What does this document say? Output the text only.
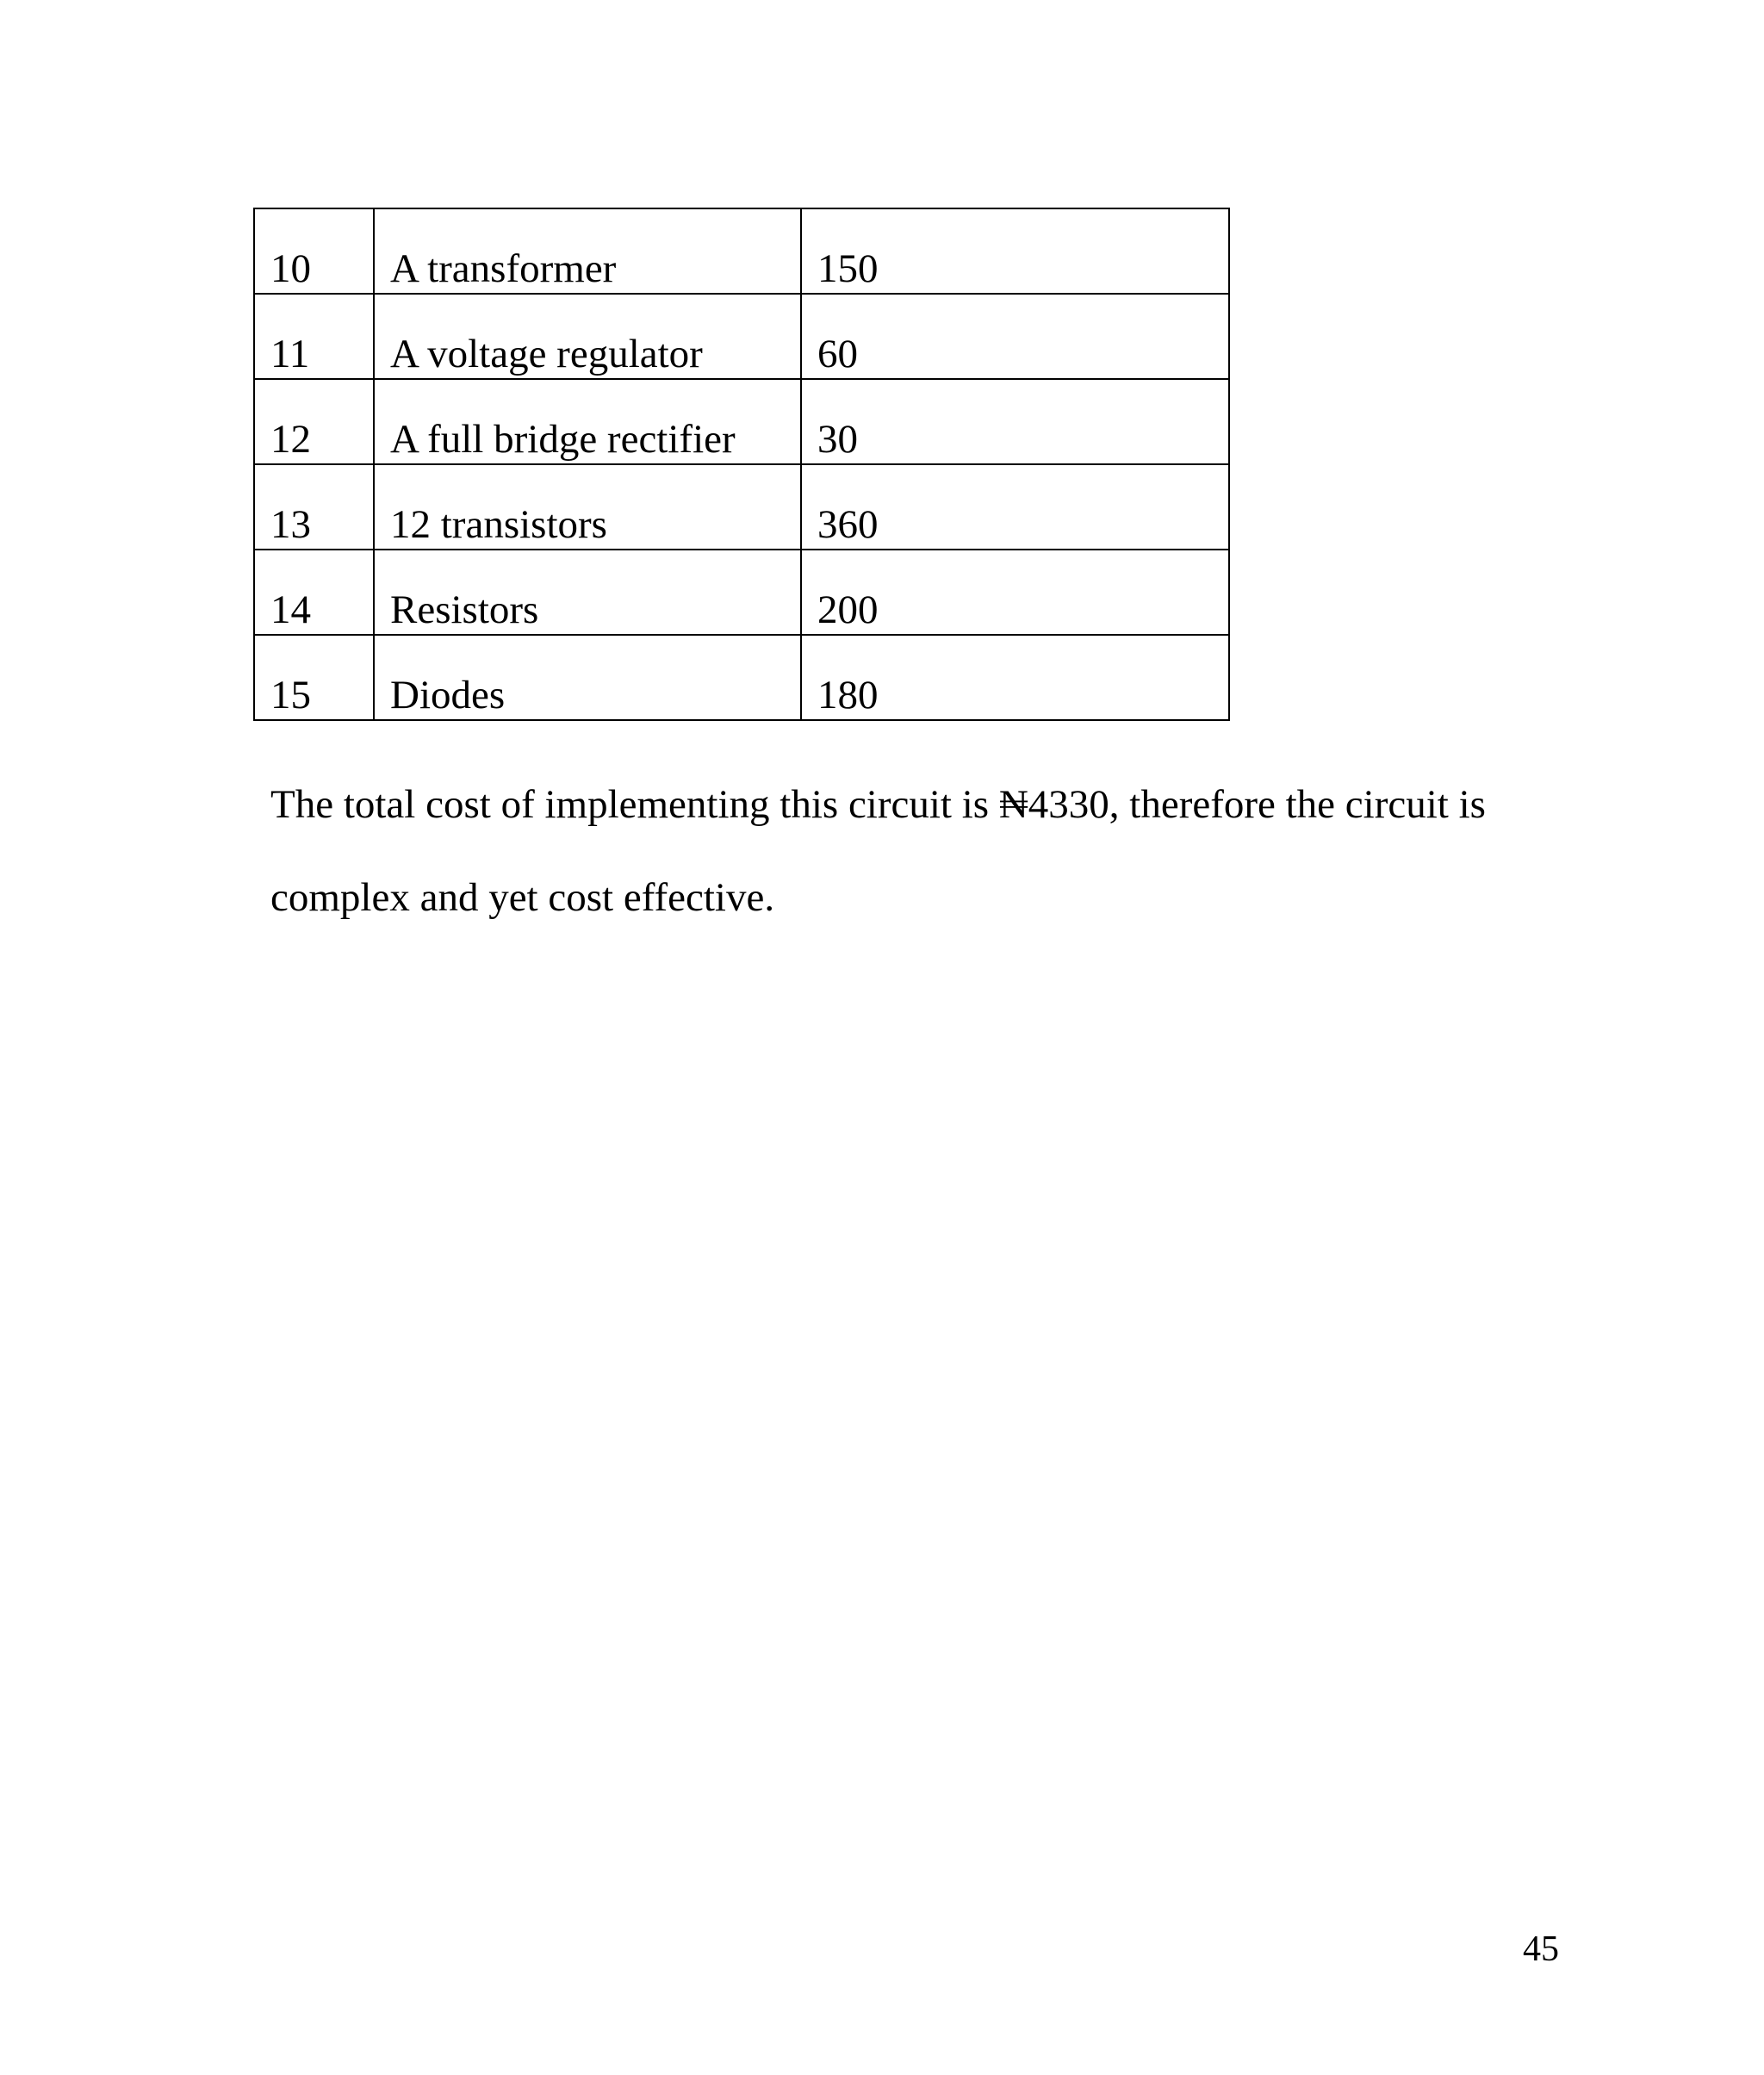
10	A transformer	150

11	A voltage regulator	60

12	A full bridge rectifier	30

13	12 transistors	360

14	Resistors	200

15	Diodes	180

The total cost of implementing this circuit is ₦4330, therefore the circuit is complex and yet cost effective.

45
